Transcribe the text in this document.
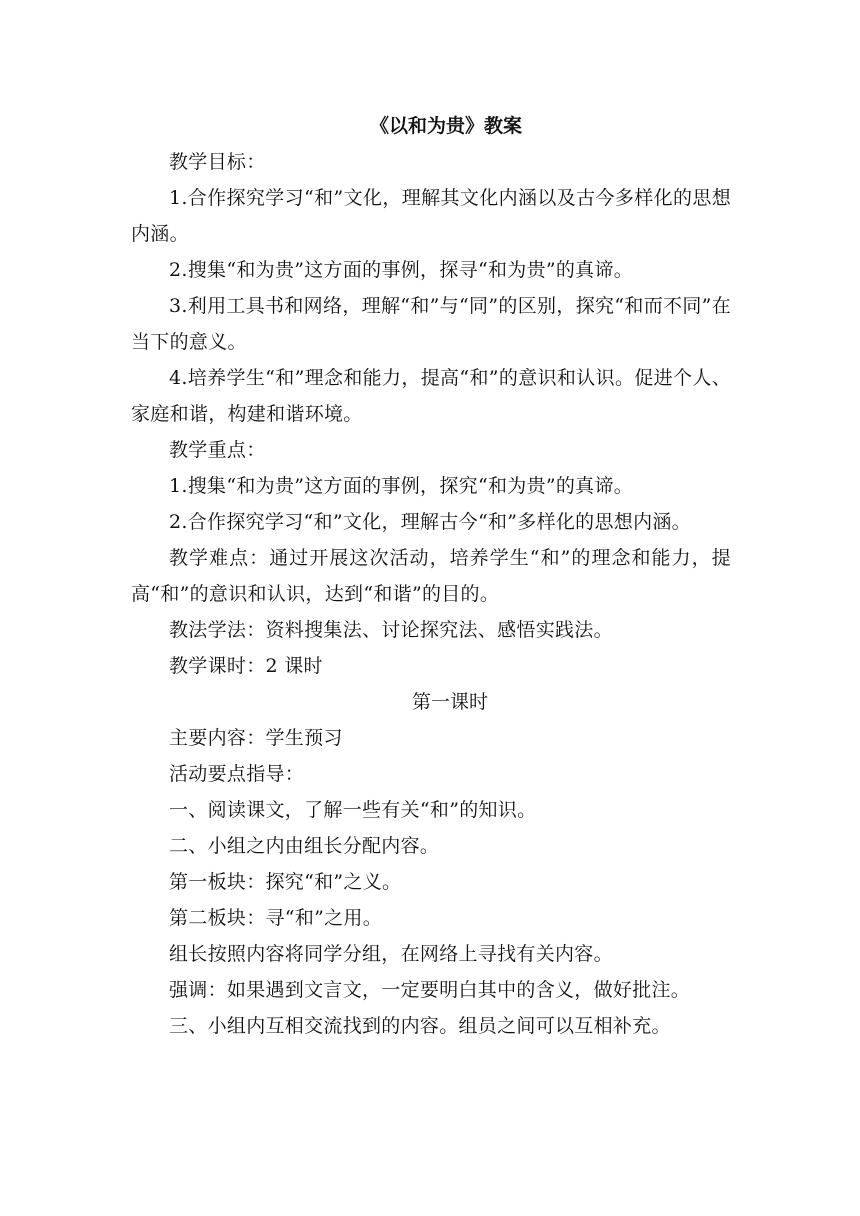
《以和为贵》教案

教学目标：

1.合作探究学习“和”文化，理解其文化内涵以及古今多样化的思想内涵。

2.搜集“和为贵”这方面的事例，探寻“和为贵”的真谛。

3.利用工具书和网络，理解“和”与“同”的区别，探究“和而不同”在当下的意义。

4.培养学生“和”理念和能力，提高“和”的意识和认识。促进个人、家庭和谐，构建和谐环境。

教学重点：

1.搜集“和为贵”这方面的事例，探究“和为贵”的真谛。

2.合作探究学习“和”文化，理解古今“和”多样化的思想内涵。

教学难点：通过开展这次活动，培养学生“和”的理念和能力，提高“和”的意识和认识，达到“和谐”的目的。

教法学法：资料搜集法、讨论探究法、感悟实践法。

教学课时：2 课时

第一课时

主要内容：学生预习

活动要点指导：

一、阅读课文，了解一些有关“和”的知识。

二、小组之内由组长分配内容。

第一板块：探究“和”之义。

第二板块：寻“和”之用。

组长按照内容将同学分组，在网络上寻找有关内容。

强调：如果遇到文言文，一定要明白其中的含义，做好批注。

三、小组内互相交流找到的内容。组员之间可以互相补充。
